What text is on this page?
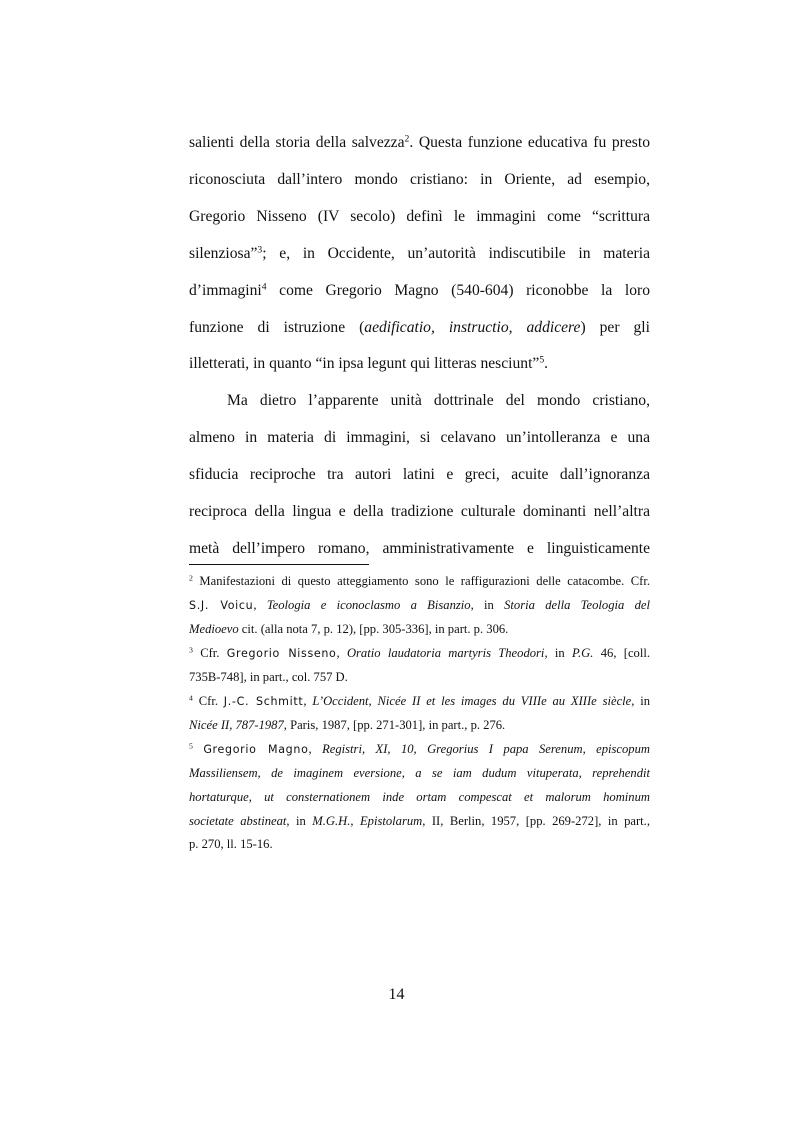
salienti della storia della salvezza$^2$. Questa funzione educativa fu presto
riconosciuta dall’intero mondo cristiano: in Oriente, ad esempio,
Gregorio Nisseno (IV secolo) definì le immagini come “scrittura
silenziosa”$^3$; e, in Occidente, un’autorità indiscutibile in materia
d’immagini$^4$ come Gregorio Magno (540-604) riconobbe la loro
funzione di istruzione (aedificatio, instructio, addicere) per gli
illetterati, in quanto “in ipsa legunt qui litteras nesciunt”$^5$.
Ma dietro l’apparente unità dottrinale del mondo cristiano,
almeno in materia di immagini, si celavano un’intolleranza e una
sfiducia reciproche tra autori latini e greci, acuite dall’ignoranza
reciproca della lingua e della tradizione culturale dominanti nell’altra
metà dell’impero romano, amministrativamente e linguisticamente
$^2$ Manifestazioni di questo atteggiamento sono le raffigurazioni delle catacombe. Cfr.
S.J. Voicu, Teologia e iconoclasmo a Bisanzio, in Storia della Teologia del
Medioevo cit. (alla nota 7, p. 12), [pp. 305-336], in part. p. 306.
$^3$ Cfr. Gregorio Nisseno, Oratio laudatoria martyris Theodori, in P.G. 46, [coll.
735B-748], in part., col. 757 D.
$^4$ Cfr. J.-C. Schmitt, L’Occident, Nicée II et les images du VIIIe au XIIIe siècle, in
Nicée II, 787-1987, Paris, 1987, [pp. 271-301], in part., p. 276.
$^5$ Gregorio Magno, Registri, XI, 10, Gregorius I papa Serenum, episcopum
Massiliensem, de imaginem eversione, a se iam dudum vituperata, reprehendit
hortaturque, ut consternationem inde ortam compescat et malorum hominum
societate abstineat, in M.G.H., Epistolarum, II, Berlin, 1957, [pp. 269-272], in part.,
p. 270, ll. 15-16.
14
